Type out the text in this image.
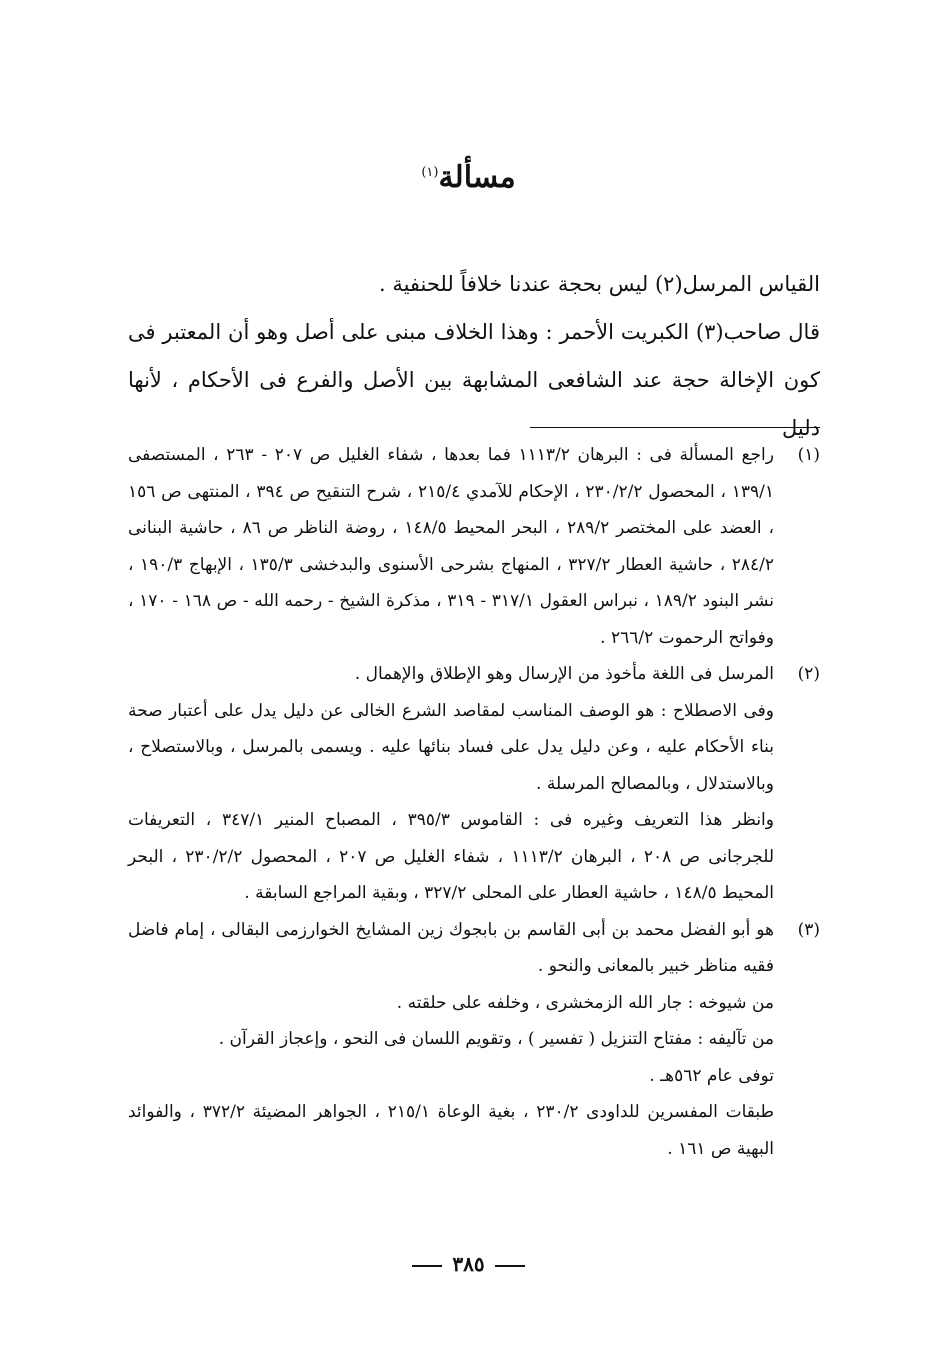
مسألة$^{(١)}$

القياس المرسل(٢) ليس بحجة عندنا خلافاً للحنفية .

قال صاحب(٣) الكبريت الأحمر : وهذا الخلاف مبنى على أصل وهو أن المعتبر فى كون الإخالة حجة عند الشافعى المشابهة بين الأصل والفرع فى الأحكام ، لأنها دليل

(١)

راجع المسألة فى : البرهان ١١١٣/٢ فما بعدها ، شفاء الغليل ص ٢٠٧ - ٢٦٣ ، المستصفى ١٣٩/١ ، المحصول ٢٣٠/٢/٢ ، الإحكام للآمدي ٢١٥/٤ ، شرح التنقيح ص ٣٩٤ ، المنتهى ص ١٥٦ ، العضد على المختصر ٢٨٩/٢ ، البحر المحيط ١٤٨/٥ ، روضة الناظر ص ٨٦ ، حاشية البنانى ٢٨٤/٢ ، حاشية العطار ٣٢٧/٢ ، المنهاج بشرحى الأسنوى والبدخشى ١٣٥/٣ ، الإبهاج ١٩٠/٣ ، نشر البنود ١٨٩/٢ ، نبراس العقول ٣١٧/١ - ٣١٩ ، مذكرة الشيخ - رحمه الله - ص ١٦٨ - ١٧٠ ، وفواتح الرحموت ٢٦٦/٢ .

(٢)

المرسل فى اللغة مأخوذ من الإرسال وهو الإطلاق والإهمال .

وفى الاصطلاح : هو الوصف المناسب لمقاصد الشرع الخالى عن دليل يدل على أعتبار صحة بناء الأحكام عليه ، وعن دليل يدل على فساد بنائها عليه . ويسمى بالمرسل ، وبالاستصلاح ، وبالاستدلال ، وبالمصالح المرسلة .

وانظر هذا التعريف وغيره فى : القاموس ٣٩٥/٣ ، المصباح المنير ٣٤٧/١ ، التعريفات للجرجانى ص ٢٠٨ ، البرهان ١١١٣/٢ ، شفاء الغليل ص ٢٠٧ ، المحصول ٢٣٠/٢/٢ ، البحر المحيط ١٤٨/٥ ، حاشية العطار على المحلى ٣٢٧/٢ ، وبقية المراجع السابقة .

(٣)

هو أبو الفضل محمد بن أبى القاسم بن بابجوك زين المشايخ الخوارزمى البقالى ، إمام فاضل فقيه مناظر خبير بالمعانى والنحو .

من شيوخه : جار الله الزمخشرى ، وخلفه على حلقته .

من تآليفه : مفتاح التنزيل ( تفسير ) ، وتقويم اللسان فى النحو ، وإعجاز القرآن .

توفى عام ٥٦٢هـ .

طبقات المفسرين للداودى ٢٣٠/٢ ، بغية الوعاة ٢١٥/١ ، الجواهر المضيئة ٣٧٢/٢ ، والفوائد البهية ص ١٦١ .

٣٨٥
